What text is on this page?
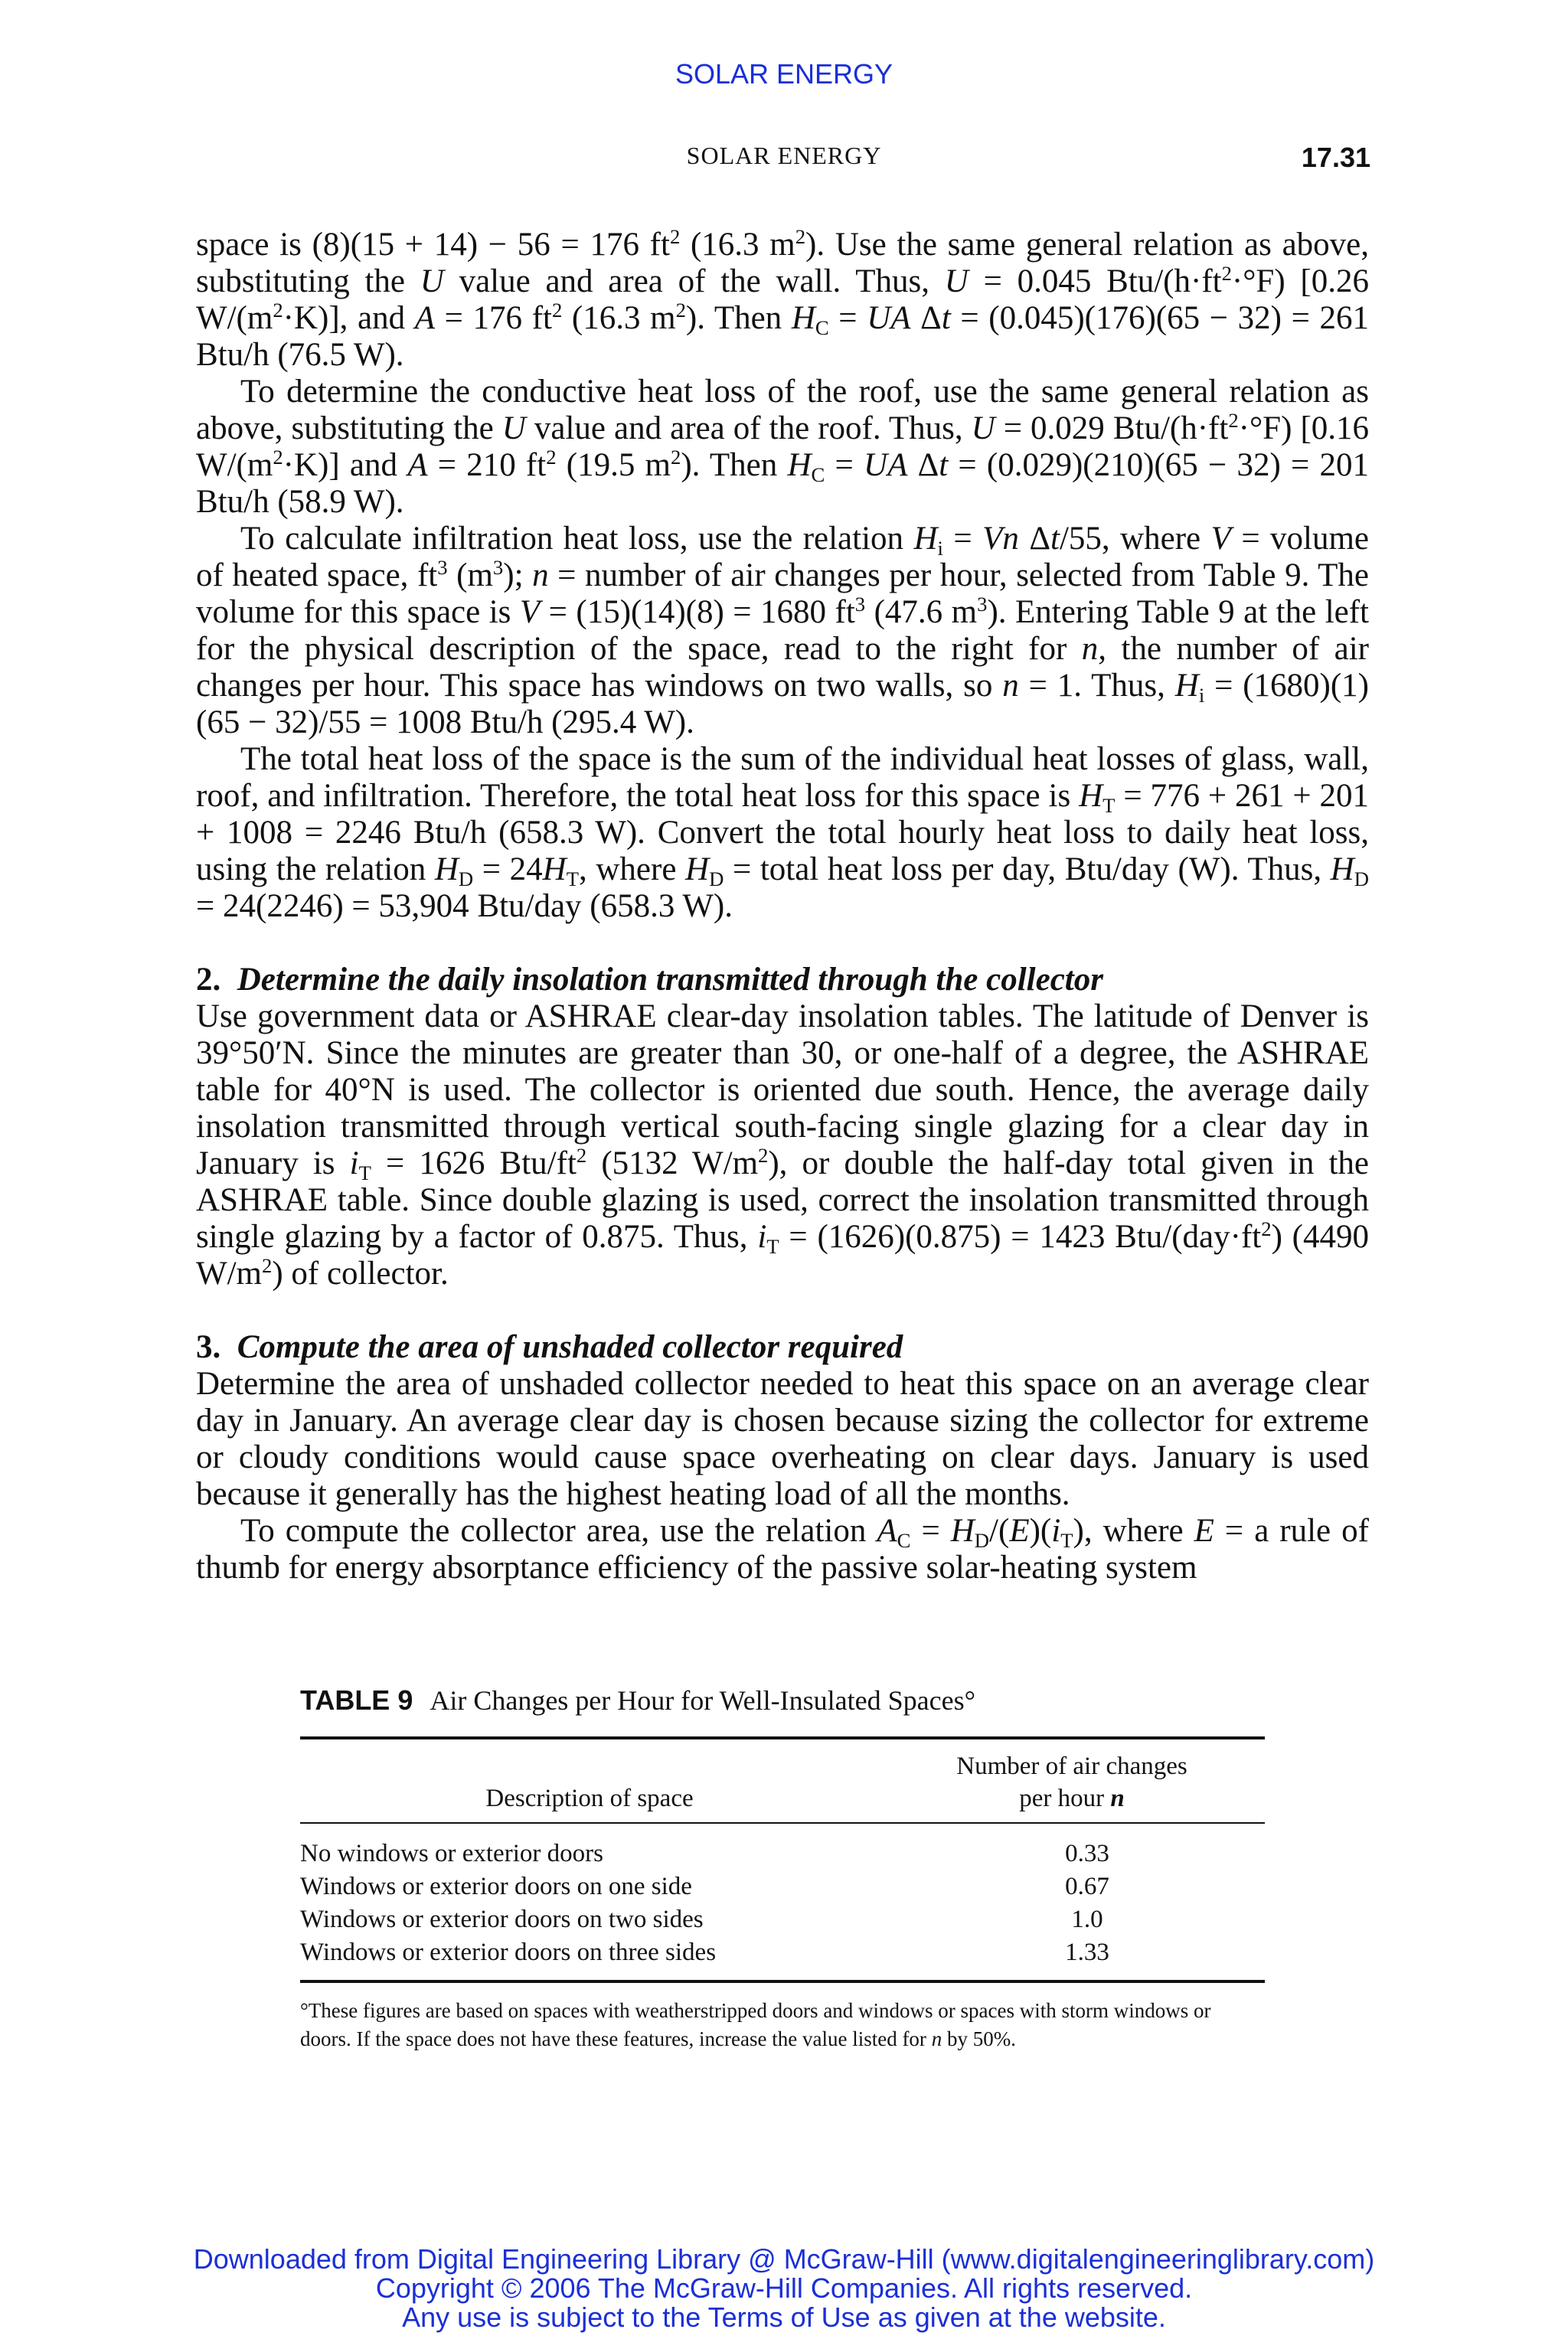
SOLAR ENERGY
SOLAR ENERGY	17.31

space is (8)(15 + 14) − 56 = 176 $ft^2$ (16.3 $m^2$). Use the same general relation as above, substituting the U value and area of the wall. Thus, U = 0.045 Btu/$(h\cdot ft^2\cdot^\circ F)$ [0.26 $W/(m^2\cdot K)$], and A = 176 $ft^2$ (16.3 $m^2$). Then $H_C$ = UA Δt = (0.045)(176)(65 − 32) = 261 Btu/h (76.5 W).

To determine the conductive heat loss of the roof, use the same general relation as above, substituting the U value and area of the roof. Thus, U = 0.029 Btu/$(h\cdot ft^2\cdot^\circ F)$ [0.16 $W/(m^2\cdot K)$] and A = 210 $ft^2$ (19.5 $m^2$). Then $H_C$ = UA Δt = (0.029)(210)(65 − 32) = 201 Btu/h (58.9 W).

To calculate infiltration heat loss, use the relation $H_i = Vn$ Δt/55, where V = volume of heated space, $ft^3$ $(m^3)$; n = number of air changes per hour, selected from Table 9. The volume for this space is V = (15)(14)(8) = 1680 $ft^3$ (47.6 $m^3$). Entering Table 9 at the left for the physical description of the space, read to the right for n, the number of air changes per hour. This space has windows on two walls, so n = 1. Thus, $H_i = (1680)(1)(65 - 32)/55 = 1008$ Btu/h (295.4 W).

The total heat loss of the space is the sum of the individual heat losses of glass, wall, roof, and infiltration. Therefore, the total heat loss for this space is $H_T = 776 + 261 + 201 + 1008 = 2246$ Btu/h (658.3 W). Convert the total hourly heat loss to daily heat loss, using the relation $H_D = 24H_T$, where $H_D$ = total heat loss per day, Btu/day (W). Thus, $H_D = 24(2246) = 53,904$ Btu/day (658.3 W).

2. Determine the daily insolation transmitted through the collector

Use government data or ASHRAE clear-day insolation tables. The latitude of Denver is 39°50′N. Since the minutes are greater than 30, or one-half of a degree, the ASHRAE table for 40°N is used. The collector is oriented due south. Hence, the average daily insolation transmitted through vertical south-facing single glazing for a clear day in January is $i_T = 1626$ Btu/$ft^2$ (5132 $W/m^2$), or double the half-day total given in the ASHRAE table. Since double glazing is used, correct the insolation transmitted through single glazing by a factor of 0.875. Thus, $i_T = (1626)(0.875) = 1423$ Btu/$(day\cdot ft^2)$ (4490 $W/m^2$) of collector.

3. Compute the area of unshaded collector required

Determine the area of unshaded collector needed to heat this space on an average clear day in January. An average clear day is chosen because sizing the collector for extreme or cloudy conditions would cause space overheating on clear days. January is used because it generally has the highest heating load of all the months.

To compute the collector area, use the relation $A_C = H_D/(E)(i_T)$, where E = a rule of thumb for energy absorptance efficiency of the passive solar-heating system

TABLE 9 Air Changes per Hour for Well-Insulated Spaces°
Description of space
Number of air changes
per hour n
No windows or exterior doors	0.33
Windows or exterior doors on one side	0.67
Windows or exterior doors on two sides	1.0
Windows or exterior doors on three sides	1.33
°These figures are based on spaces with weatherstripped doors and windows or spaces with storm windows or doors. If the space does not have these features, increase the value listed for n by 50%.
Downloaded from Digital Engineering Library @ McGraw-Hill (www.digitalengineeringlibrary.com)
Copyright © 2006 The McGraw-Hill Companies. All rights reserved.
Any use is subject to the Terms of Use as given at the website.
